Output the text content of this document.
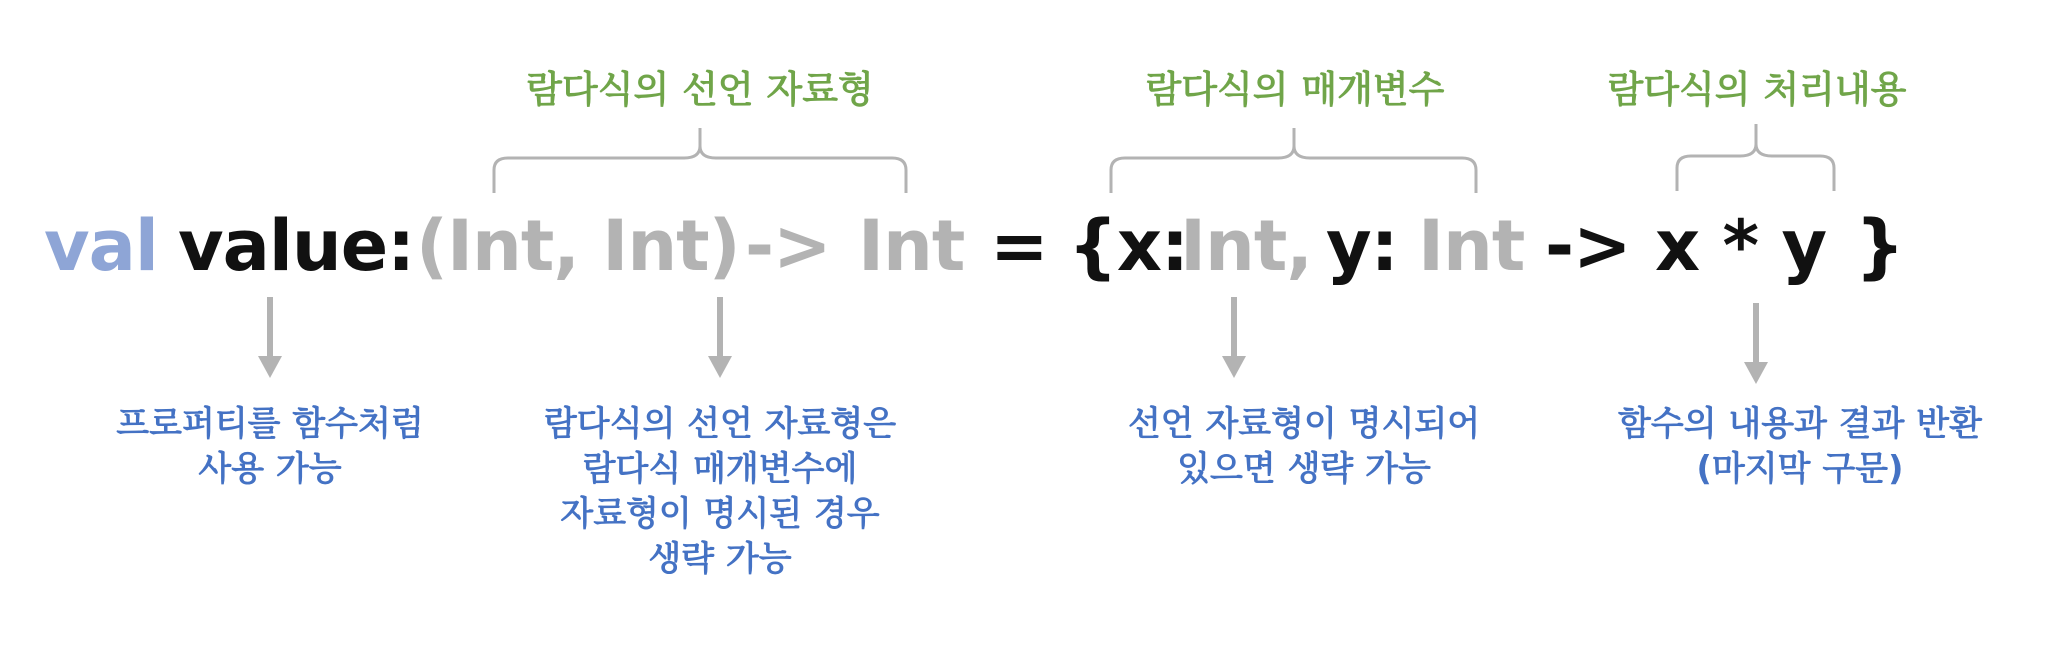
람다식의 선언 자료형	람다식의 매개변수	람다식의 처리내용
val value: (Int, Int) -> Int = {x:
Int, y: Int -> x * y }
프로퍼티를 함수처럼
사용 가능
람다식의 선언 자료형은
람다식 매개변수에
자료형이 명시된 경우
생략 가능
선언 자료형이 명시되어
있으면 생략 가능
함수의 내용과 결과 반환
(마지막 구문)
